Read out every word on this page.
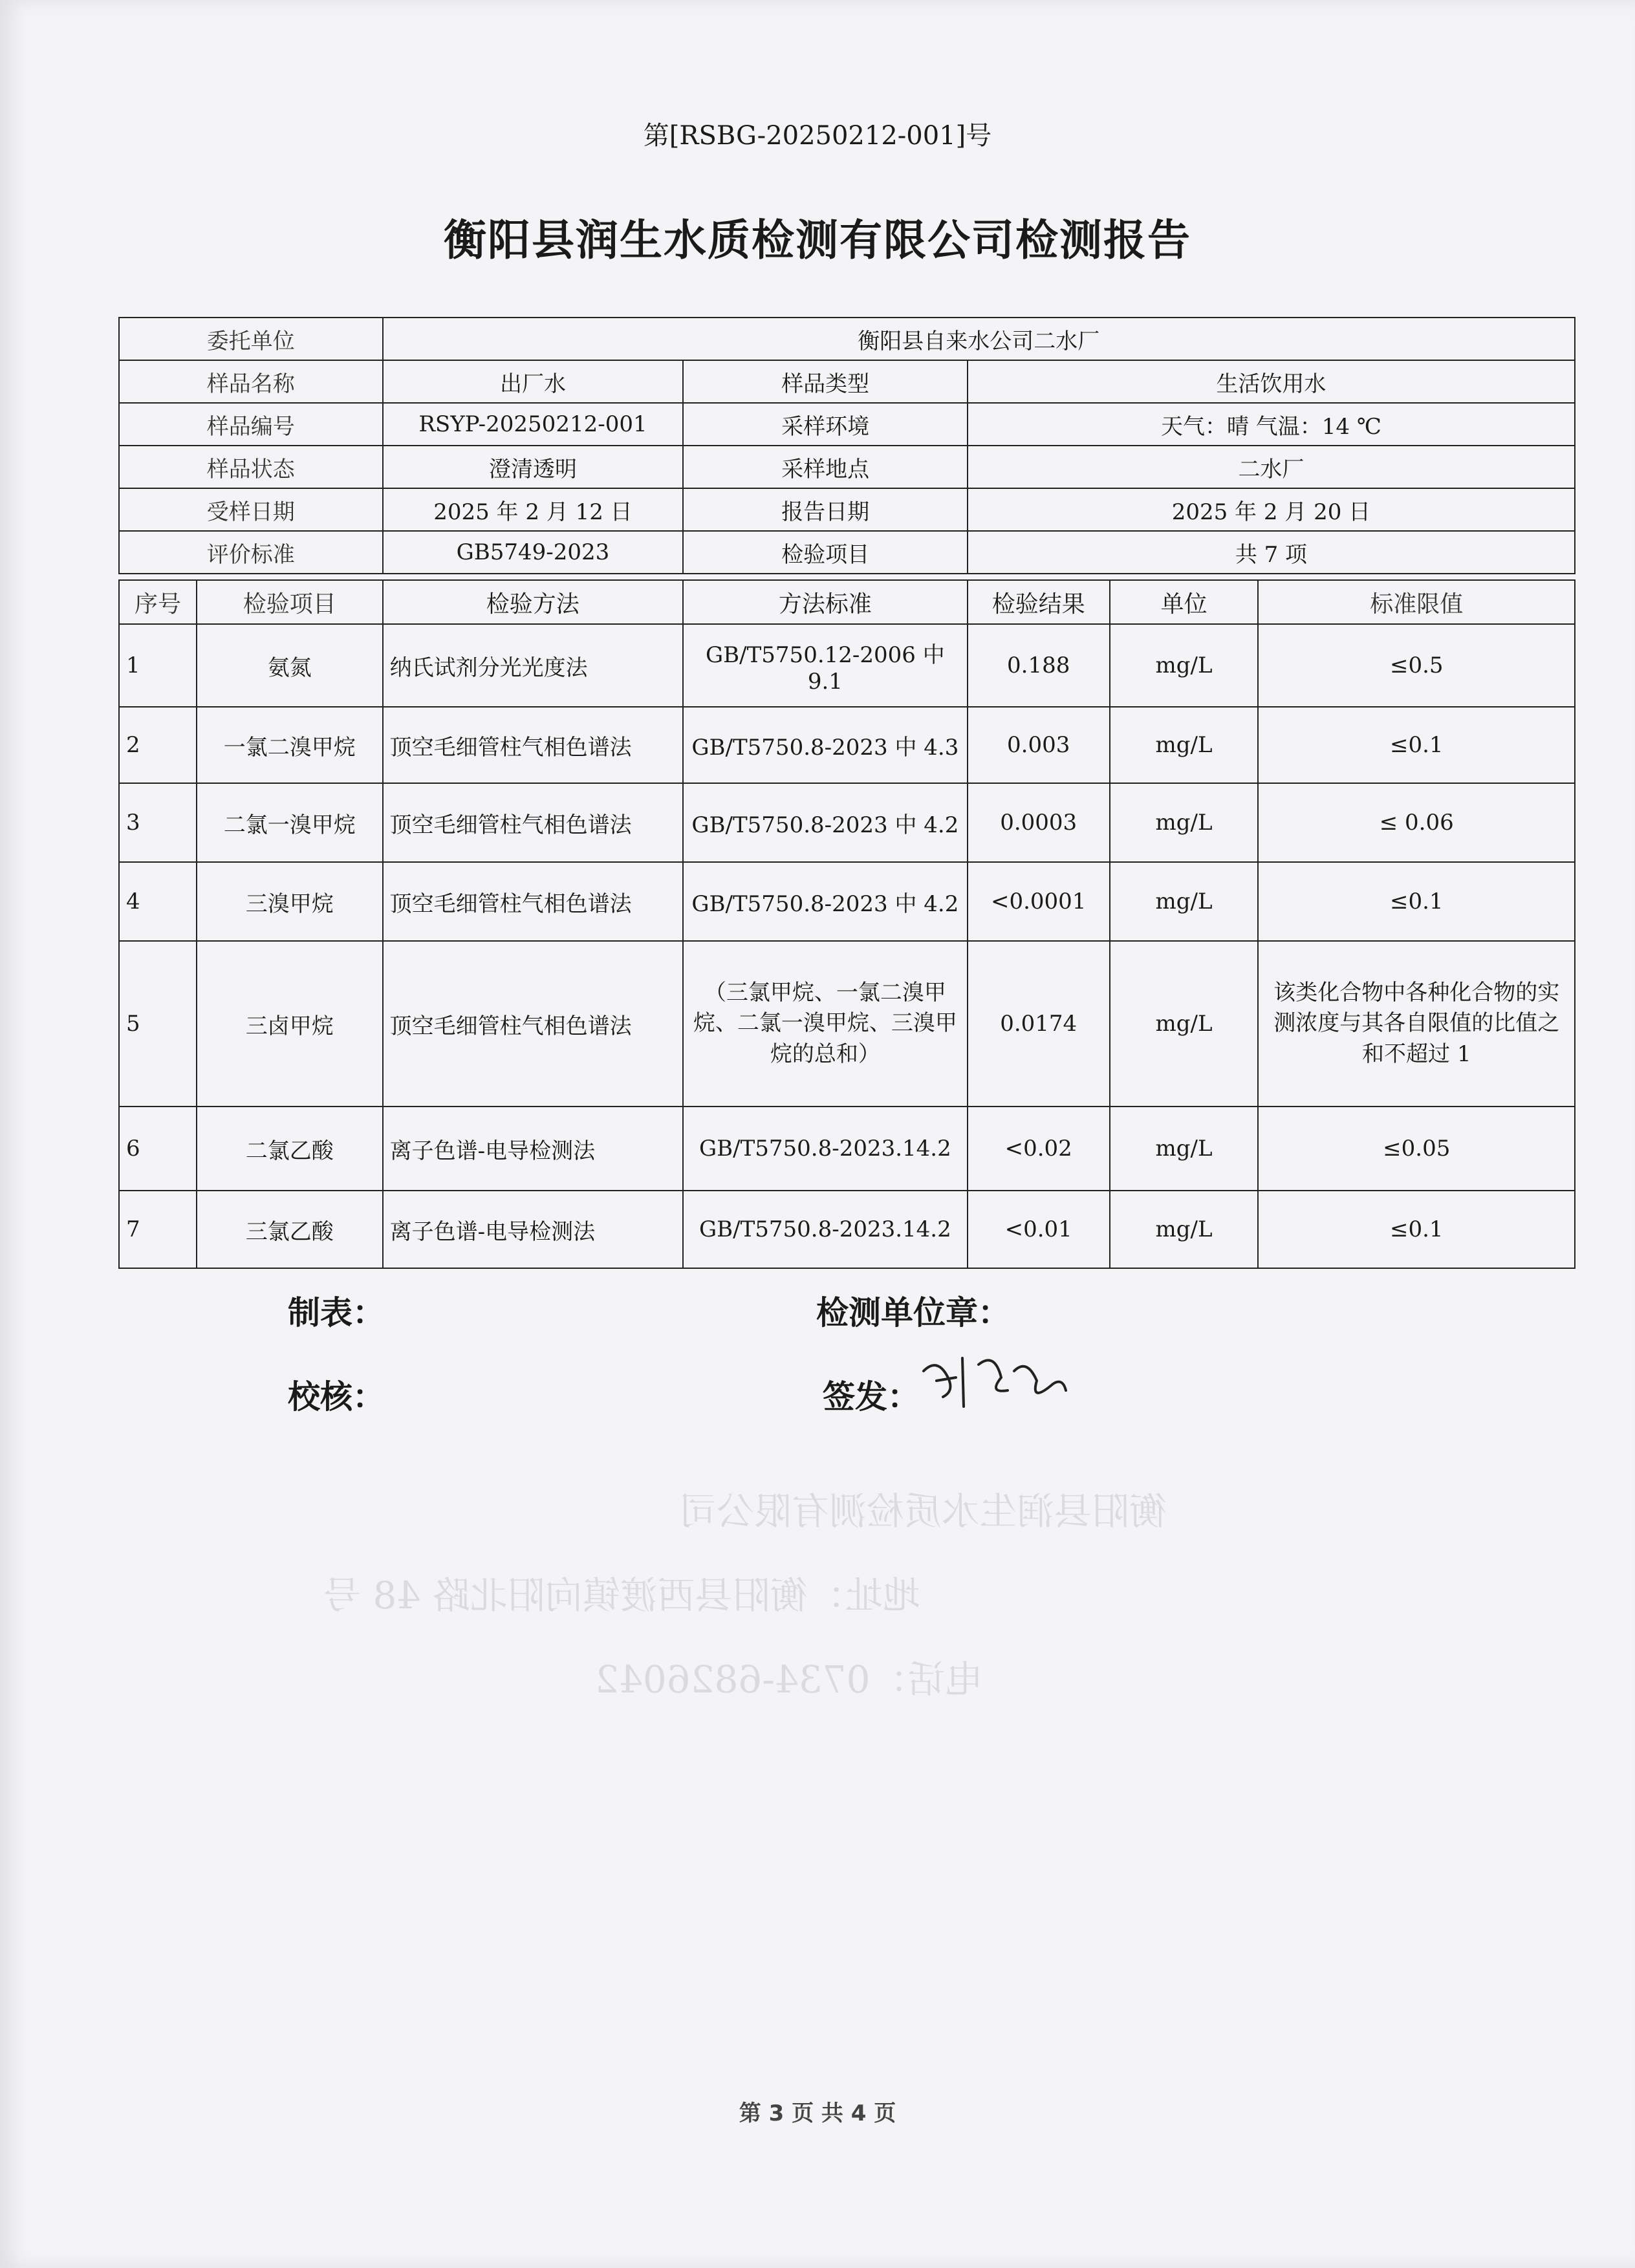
衡阳县润生水质检测有限公司
地址：衡阳县西渡镇向阳北路 48 号
电话：0734-6826042
第[RSBG-20250212-001]号
衡阳县润生水质检测有限公司检测报告
委托单位	衡阳县自来水公司二水厂		
样品名称	出厂水	样品类型	生活饮用水
样品编号	RSYP-20250212-001	采样环境	天气：晴 气温：14 ℃
样品状态	澄清透明	采样地点	二水厂
受样日期	2025 年 2 月 12 日	报告日期	2025 年 2 月 20 日
评价标准	GB5749-2023	检验项目	共 7 项
序号	检验项目	检验方法	方法标准	检验结果	单位	标准限值
1	氨氮	纳氏试剂分光光度法	GB/T5750.12-2006 中 9.1	0.188	mg/L	≤0.5
2	一氯二溴甲烷	顶空毛细管柱气相色谱法	GB/T5750.8-2023 中 4.3	0.003	mg/L	≤0.1
3	二氯一溴甲烷	顶空毛细管柱气相色谱法	GB/T5750.8-2023 中 4.2	0.0003	mg/L	≤ 0.06
4	三溴甲烷	顶空毛细管柱气相色谱法	GB/T5750.8-2023 中 4.2	<0.0001	mg/L	≤0.1
5	三卤甲烷	顶空毛细管柱气相色谱法	（三氯甲烷、一氯二溴甲烷、二氯一溴甲烷、三溴甲烷的总和）	0.0174	mg/L	该类化合物中各种化合物的实测浓度与其各自限值的比值之和不超过 1
6	二氯乙酸	离子色谱-电导检测法	GB/T5750.8-2023.14.2	<0.02	mg/L	≤0.05
7	三氯乙酸	离子色谱-电导检测法	GB/T5750.8-2023.14.2	<0.01	mg/L	≤0.1
制表：	检测单位章：
校核：	签发：
第 3 页 共 4 页
